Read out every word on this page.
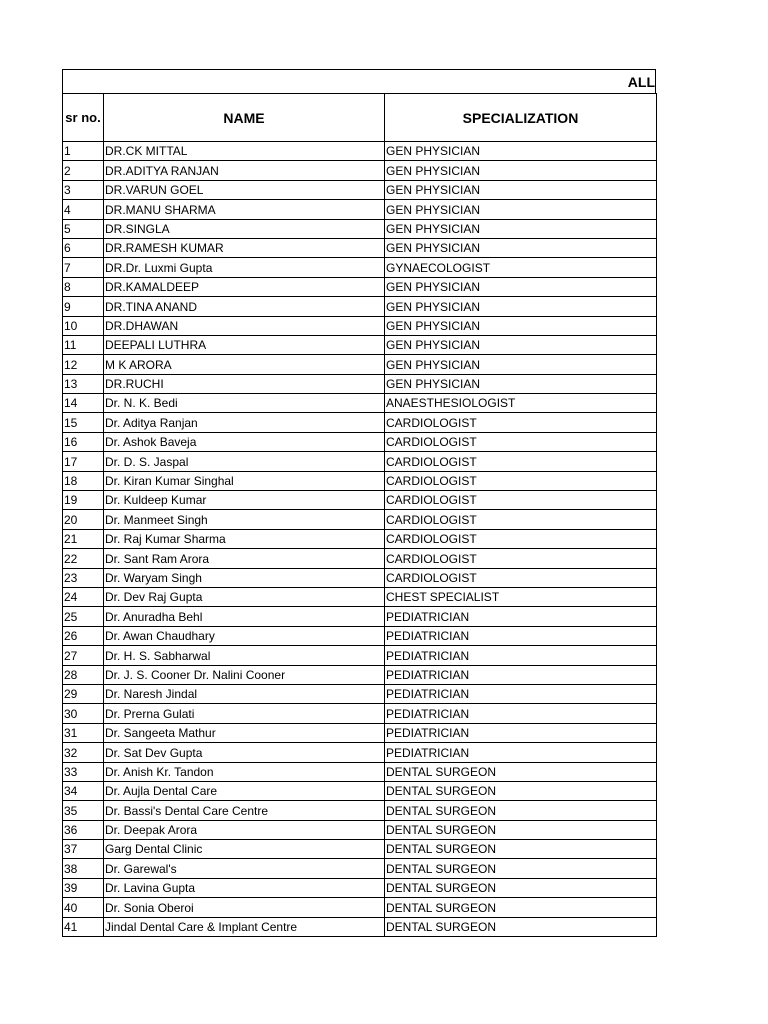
ALL
sr no.	NAME	SPECIALIZATION
1	DR.CK MITTAL	GEN PHYSICIAN
2	DR.ADITYA RANJAN	GEN PHYSICIAN
3	DR.VARUN GOEL	GEN PHYSICIAN
4	DR.MANU SHARMA	GEN PHYSICIAN
5	DR.SINGLA	GEN PHYSICIAN
6	DR.RAMESH KUMAR	GEN PHYSICIAN
7	DR.Dr. Luxmi Gupta	GYNAECOLOGIST
8	DR.KAMALDEEP	GEN PHYSICIAN
9	DR.TINA ANAND	GEN PHYSICIAN
10	DR.DHAWAN	GEN PHYSICIAN
11	DEEPALI LUTHRA	GEN PHYSICIAN
12	M K ARORA	GEN PHYSICIAN
13	DR.RUCHI	GEN PHYSICIAN
14	Dr. N. K. Bedi	ANAESTHESIOLOGIST
15	Dr. Aditya Ranjan	CARDIOLOGIST
16	Dr. Ashok Baveja	CARDIOLOGIST
17	Dr. D. S. Jaspal	CARDIOLOGIST
18	Dr. Kiran Kumar Singhal	CARDIOLOGIST
19	Dr. Kuldeep Kumar	CARDIOLOGIST
20	Dr. Manmeet Singh	CARDIOLOGIST
21	Dr. Raj Kumar Sharma	CARDIOLOGIST
22	Dr. Sant Ram Arora	CARDIOLOGIST
23	Dr. Waryam Singh	CARDIOLOGIST
24	Dr. Dev Raj Gupta	CHEST SPECIALIST
25	Dr. Anuradha Behl	PEDIATRICIAN
26	Dr. Awan Chaudhary	PEDIATRICIAN
27	Dr. H. S. Sabharwal	PEDIATRICIAN
28	Dr. J. S. Cooner Dr. Nalini Cooner	PEDIATRICIAN
29	Dr. Naresh Jindal	PEDIATRICIAN
30	Dr. Prerna Gulati	PEDIATRICIAN
31	Dr. Sangeeta Mathur	PEDIATRICIAN
32	Dr. Sat Dev Gupta	PEDIATRICIAN
33	Dr. Anish Kr. Tandon	DENTAL SURGEON
34	Dr. Aujla Dental Care	DENTAL SURGEON
35	Dr. Bassi's Dental Care Centre	DENTAL SURGEON
36	Dr. Deepak Arora	DENTAL SURGEON
37	Garg Dental Clinic	DENTAL SURGEON
38	Dr. Garewal's	DENTAL SURGEON
39	Dr. Lavina Gupta	DENTAL SURGEON
40	Dr. Sonia Oberoi	DENTAL SURGEON
41	Jindal Dental Care & Implant Centre	DENTAL SURGEON
